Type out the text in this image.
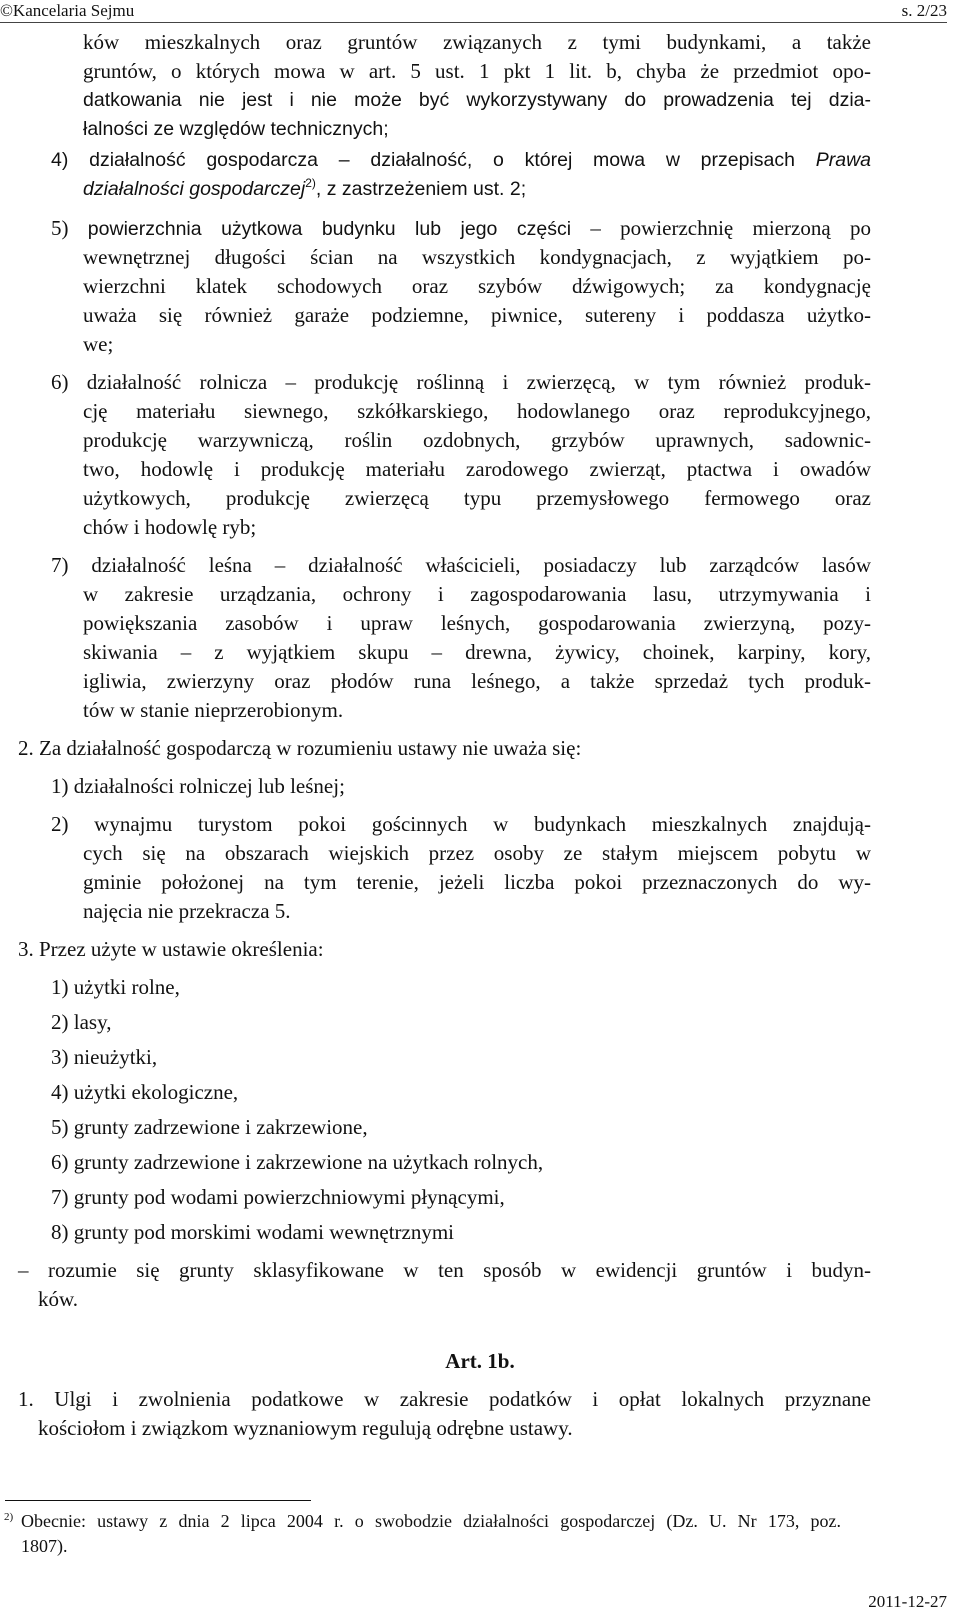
©Kancelaria Sejmu	s. 2/23
ków mieszkalnych oraz gruntów związanych z tymi budynkami, a także
gruntów, o których mowa w art. 5 ust. 1 pkt 1 lit. b, chyba że przedmiot opo-
datkowania nie jest i nie może być wykorzystywany do prowadzenia tej dzia-
łalności ze względów technicznych;
wewnętrznej długości ścian na wszystkich kondygnacjach, z wyjątkiem po-
wierzchni klatek schodowych oraz szybów dźwigowych; za kondygnację
uważa się również garaże podziemne, piwnice, sutereny i poddasza użytko-
we;
6) działalność rolnicza – produkcję roślinną i zwierzęcą, w tym również produk-
cję materiału siewnego, szkółkarskiego, hodowlanego oraz reprodukcyjnego,
produkcję warzywniczą, roślin ozdobnych, grzybów uprawnych, sadownic-
two, hodowlę i produkcję materiału zarodowego zwierząt, ptactwa i owadów
użytkowych, produkcję zwierzęcą typu przemysłowego fermowego oraz
chów i hodowlę ryb;
7) działalność leśna – działalność właścicieli, posiadaczy lub zarządców lasów
w zakresie urządzania, ochrony i zagospodarowania lasu, utrzymywania i
powiększania zasobów i upraw leśnych, gospodarowania zwierzyną, pozy-
skiwania – z wyjątkiem skupu – drewna, żywicy, choinek, karpiny, kory,
igliwia, zwierzyny oraz płodów runa leśnego, a także sprzedaż tych produk-
tów w stanie nieprzerobionym.
2. Za działalność gospodarczą w rozumieniu ustawy nie uważa się:
1) działalności rolniczej lub leśnej;
2) wynajmu turystom pokoi gościnnych w budynkach mieszkalnych znajdują-
cych się na obszarach wiejskich przez osoby ze stałym miejscem pobytu w
gminie położonej na tym terenie, jeżeli liczba pokoi przeznaczonych do wy-
najęcia nie przekracza 5.
3. Przez użyte w ustawie określenia:
1) użytki rolne,
2) lasy,
3) nieużytki,
4) użytki ekologiczne,
5) grunty zadrzewione i zakrzewione,
6) grunty zadrzewione i zakrzewione na użytkach rolnych,
7) grunty pod wodami powierzchniowymi płynącymi,
8) grunty pod morskimi wodami wewnętrznymi
– rozumie się grunty sklasyfikowane w ten sposób w ewidencji gruntów i budyn-
ków.
1. Ulgi i zwolnienia podatkowe w zakresie podatków i opłat lokalnych przyznane
kościołom i związkom wyznaniowym regulują odrębne ustawy.
4) działalność gospodarcza – działalność, o której mowa w przepisach Prawa
działalności gospodarczej$^{2)}$, z zastrzeżeniem ust. 2;
5) powierzchnia użytkowa budynku lub jego części – powierzchnię mierzoną po
Art. 1b.
$^{2)}$ Obecnie: ustawy z dnia 2 lipca 2004 r. o swobodzie działalności gospodarczej (Dz. U. Nr 173, poz.
1807).
2011-12-27
